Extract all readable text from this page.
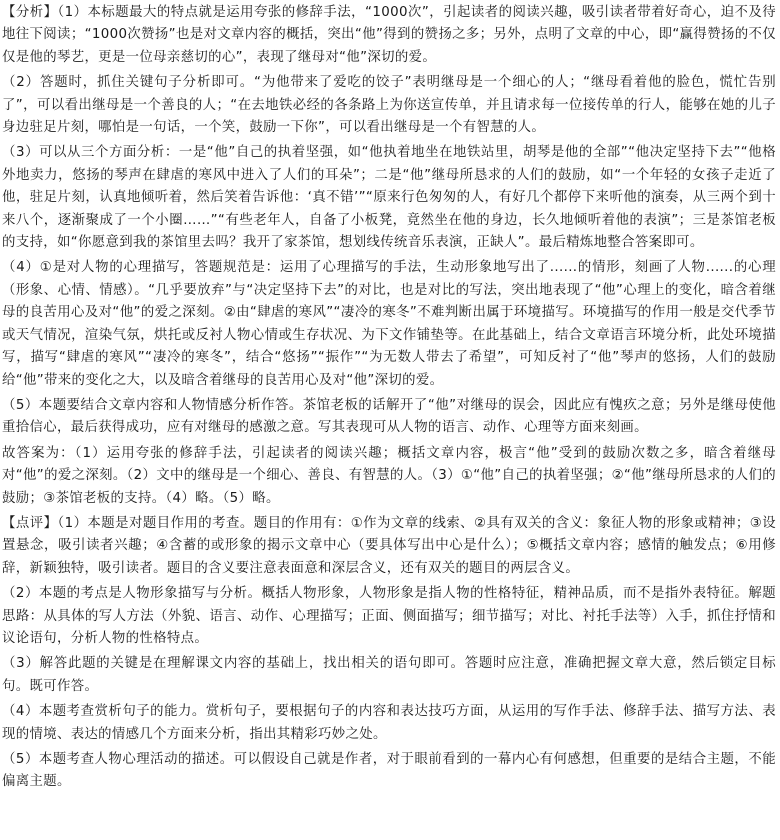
【分析】（1）本标题最大的特点就是运用夸张的修辞手法，“1000次”，引起读者的阅读兴趣，吸引读者带着好奇心，迫不及待地往下阅读；“1000次赞扬”也是对文章内容的概括，突出“他”得到的赞扬之多；另外，点明了文章的中心，即“赢得赞扬的不仅仅是他的琴艺，更是一位母亲慈切的心”，表现了继母对“他”深切的爱。

（2）答题时，抓住关键句子分析即可。“为他带来了爱吃的饺子”表明继母是一个细心的人；“继母看着他的脸色，慌忙告别了”，可以看出继母是一个善良的人；“在去地铁必经的各条路上为你送宣传单，并且请求每一位接传单的行人，能够在她的儿子身边驻足片刻，哪怕是一句话，一个笑，鼓励一下你”，可以看出继母是一个有智慧的人。

（3）可以从三个方面分析：一是“他”自己的执着坚强，如“他执着地坐在地铁站里，胡琴是他的全部”“他决定坚持下去”“他格外地卖力，悠扬的琴声在肆虐的寒风中进入了人们的耳朵”；二是“他”继母所恳求的人们的鼓励，如“一个年轻的女孩子走近了他，驻足片刻，认真地倾听着，然后笑着告诉他：‘真不错’”“原来行色匆匆的人，有好几个都停下来听他的演奏，从三两个到十来八个，逐渐聚成了一个小圈……”“有些老年人，自备了小板凳，竟然坐在他的身边，长久地倾听着他的表演”；三是茶馆老板的支持，如“你愿意到我的茶馆里去吗？我开了家茶馆，想划线传统音乐表演，正缺人”。最后精炼地整合答案即可。

（4）①是对人物的心理描写，答题规范是：运用了心理描写的手法，生动形象地写出了......的情形，刻画了人物......的心理（形象、心情、情感）。“几乎要放弃”与“决定坚持下去”的对比，也是对比的写法，突出地表现了“他”心理上的变化，暗含着继母的良苦用心及对“他”的爱之深刻。②由“肆虐的寒风”“凄冷的寒冬”不难判断出属于环境描写。环境描写的作用一般是交代季节或天气情况，渲染气氛，烘托或反衬人物心情或生存状况、为下文作铺垫等。在此基础上，结合文章语言环境分析，此处环境描写，描写“肆虐的寒风”“凄冷的寒冬”，结合“悠扬”“振作”“为无数人带去了希望”，可知反衬了“他”琴声的悠扬，人们的鼓励给“他”带来的变化之大，以及暗含着继母的良苦用心及对“他”深切的爱。

（5）本题要结合文章内容和人物情感分析作答。茶馆老板的话解开了“他”对继母的误会，因此应有愧疚之意；另外是继母使他重拾信心，最后获得成功，应有对继母的感激之意。写其表现可从人物的语言、动作、心理等方面来刻画。

故答案为：（1）运用夸张的修辞手法，引起读者的阅读兴趣；概括文章内容，极言“他”受到的鼓励次数之多，暗含着继母对“他”的爱之深刻。（2）文中的继母是一个细心、善良、有智慧的人。（3）①“他”自己的执着坚强；②“他”继母所恳求的人们的鼓励；③茶馆老板的支持。（4）略。（5）略。

【点评】（1）本题是对题目作用的考查。题目的作用有：①作为文章的线索、②具有双关的含义：象征人物的形象或精神；③设置悬念，吸引读者兴趣；④含蓄的或形象的揭示文章中心（要具体写出中心是什么）；⑤概括文章内容；感情的触发点；⑥用修辞，新颖独特，吸引读者。题目的含义要注意表面意和深层含义，还有双关的题目的两层含义。

（2）本题的考点是人物形象描写与分析。概括人物形象，人物形象是指人物的性格特征，精神品质，而不是指外表特征。解题思路：从具体的写人方法（外貌、语言、动作、心理描写；正面、侧面描写；细节描写；对比、衬托手法等）入手，抓住抒情和议论语句，分析人物的性格特点。

（3）解答此题的关键是在理解课文内容的基础上，找出相关的语句即可。答题时应注意，准确把握文章大意，然后锁定目标句。既可作答。

（4）本题考查赏析句子的能力。赏析句子，要根据句子的内容和表达技巧方面，从运用的写作手法、修辞手法、描写方法、表现的情境、表达的情感几个方面来分析，指出其精彩巧妙之处。

（5）本题考查人物心理活动的描述。可以假设自己就是作者，对于眼前看到的一幕内心有何感想，但重要的是结合主题，不能偏离主题。
